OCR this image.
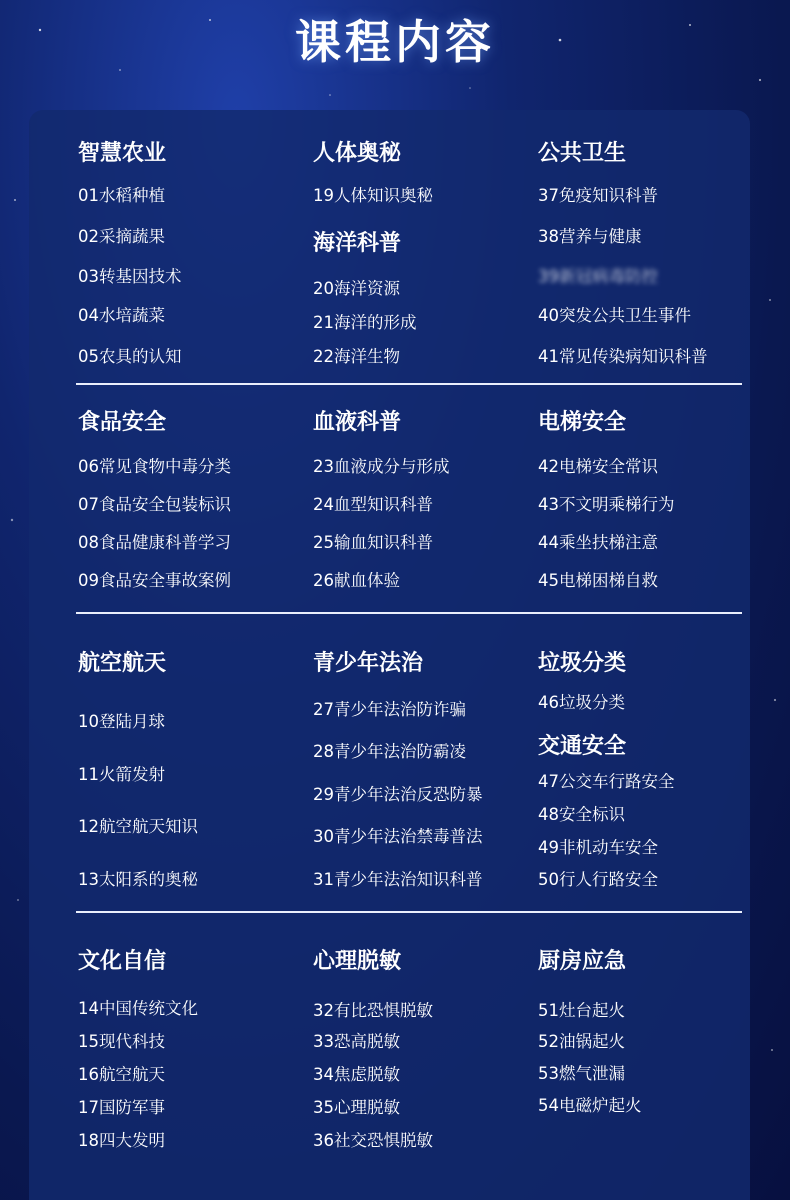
课程内容
智慧农业
01水稻种植
02采摘蔬果
03转基因技术
04水培蔬菜
05农具的认知
人体奥秘
19人体知识奥秘
海洋科普
20海洋资源
21海洋的形成
22海洋生物
公共卫生
37免疫知识科普
38营养与健康
39新冠病毒防控
40突发公共卫生事件
41常见传染病知识科普
食品安全
06常见食物中毒分类
07食品安全包装标识
08食品健康科普学习
09食品安全事故案例
血液科普
23血液成分与形成
24血型知识科普
25输血知识科普
26献血体验
电梯安全
42电梯安全常识
43不文明乘梯行为
44乘坐扶梯注意
45电梯困梯自救
航空航天
10登陆月球
11火箭发射
12航空航天知识
13太阳系的奥秘
青少年法治
27青少年法治防诈骗
28青少年法治防霸凌
29青少年法治反恐防暴
30青少年法治禁毒普法
31青少年法治知识科普
垃圾分类
46垃圾分类
交通安全
47公交车行路安全
48安全标识
49非机动车安全
50行人行路安全
文化自信
14中国传统文化
15现代科技
16航空航天
17国防军事
18四大发明
心理脱敏
32有比恐惧脱敏
33恐高脱敏
34焦虑脱敏
35心理脱敏
36社交恐惧脱敏
厨房应急
51灶台起火
52油锅起火
53燃气泄漏
54电磁炉起火
